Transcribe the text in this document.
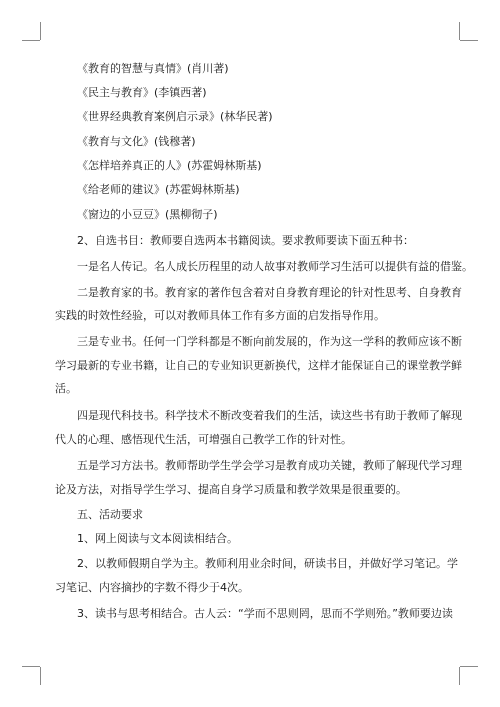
《教育的智慧与真情》(肖川著)
《民主与教育》(李镇西著)
《世界经典教育案例启示录》(林华民著)
《教育与文化》(钱穆著)
《怎样培养真正的人》(苏霍姆林斯基)
《给老师的建议》(苏霍姆林斯基)
《窗边的小豆豆》(黑柳彻子)
2、自选书目：教师要自选两本书籍阅读。要求教师要读下面五种书：
一是名人传记。名人成长历程里的动人故事对教师学习生活可以提供有益的借鉴。
二是教育家的书。教育家的著作包含着对自身教育理论的针对性思考、自身教育
实践的时效性经验，可以对教师具体工作有多方面的启发指导作用。
三是专业书。任何一门学科都是不断向前发展的，作为这一学科的教师应该不断
学习最新的专业书籍，让自己的专业知识更新换代，这样才能保证自己的课堂教学鲜
活。
四是现代科技书。科学技术不断改变着我们的生活，读这些书有助于教师了解现
代人的心理、感悟现代生活，可增强自己教学工作的针对性。
五是学习方法书。教师帮助学生学会学习是教育成功关键，教师了解现代学习理
论及方法，对指导学生学习、提高自身学习质量和教学效果是很重要的。
五、活动要求
1、网上阅读与文本阅读相结合。
2、以教师假期自学为主。教师利用业余时间，研读书目，并做好学习笔记。学
习笔记、内容摘抄的字数不得少于4次。
3、读书与思考相结合。古人云：“学而不思则罔，思而不学则殆。”教师要边读
